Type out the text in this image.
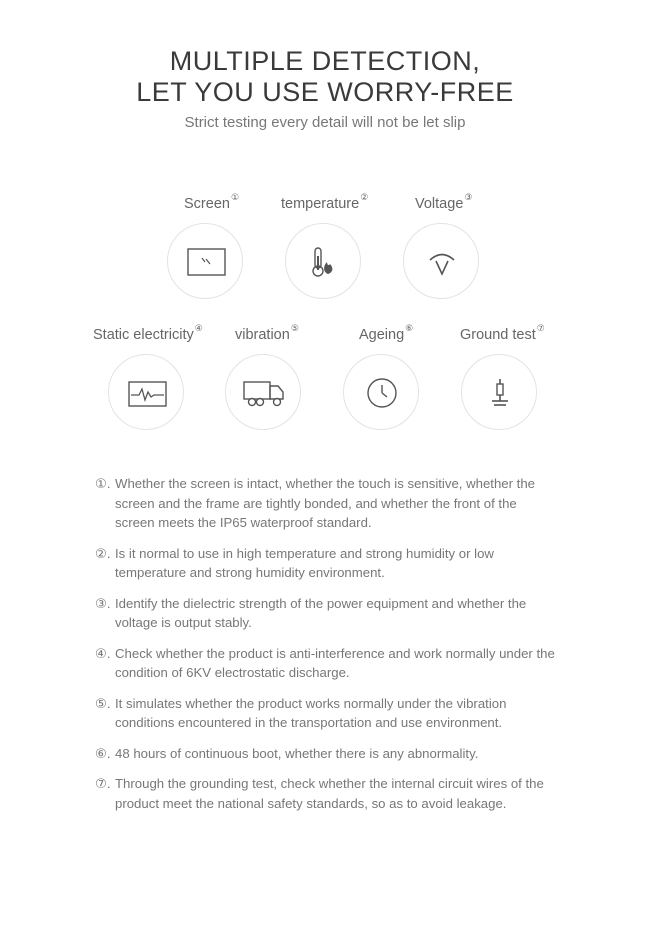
MULTIPLE DETECTION,
LET YOU USE WORRY-FREE
Strict testing every detail will not be let slip
Screen①	temperature②	Voltage③
Static electricity④ vibration⑤	Ageing⑥	Ground test⑦
①. Whether the screen is intact, whether the touch is sensitive, whether the screen and the frame are tightly bonded, and whether the front of the screen meets the IP65 waterproof standard.
②. Is it normal to use in high temperature and strong humidity or low temperature and strong humidity environment.
③. Identify the dielectric strength of the power equipment and whether the voltage is output stably.
④. Check whether the product is anti-interference and work normally under the condition of 6KV electrostatic discharge.
⑤. It simulates whether the product works normally under the vibration conditions encountered in the transportation and use environment.
⑥. 48 hours of continuous boot, whether there is any abnormality.
⑦. Through the grounding test, check whether the internal circuit wires of the product meet the national safety standards, so as to avoid leakage.
